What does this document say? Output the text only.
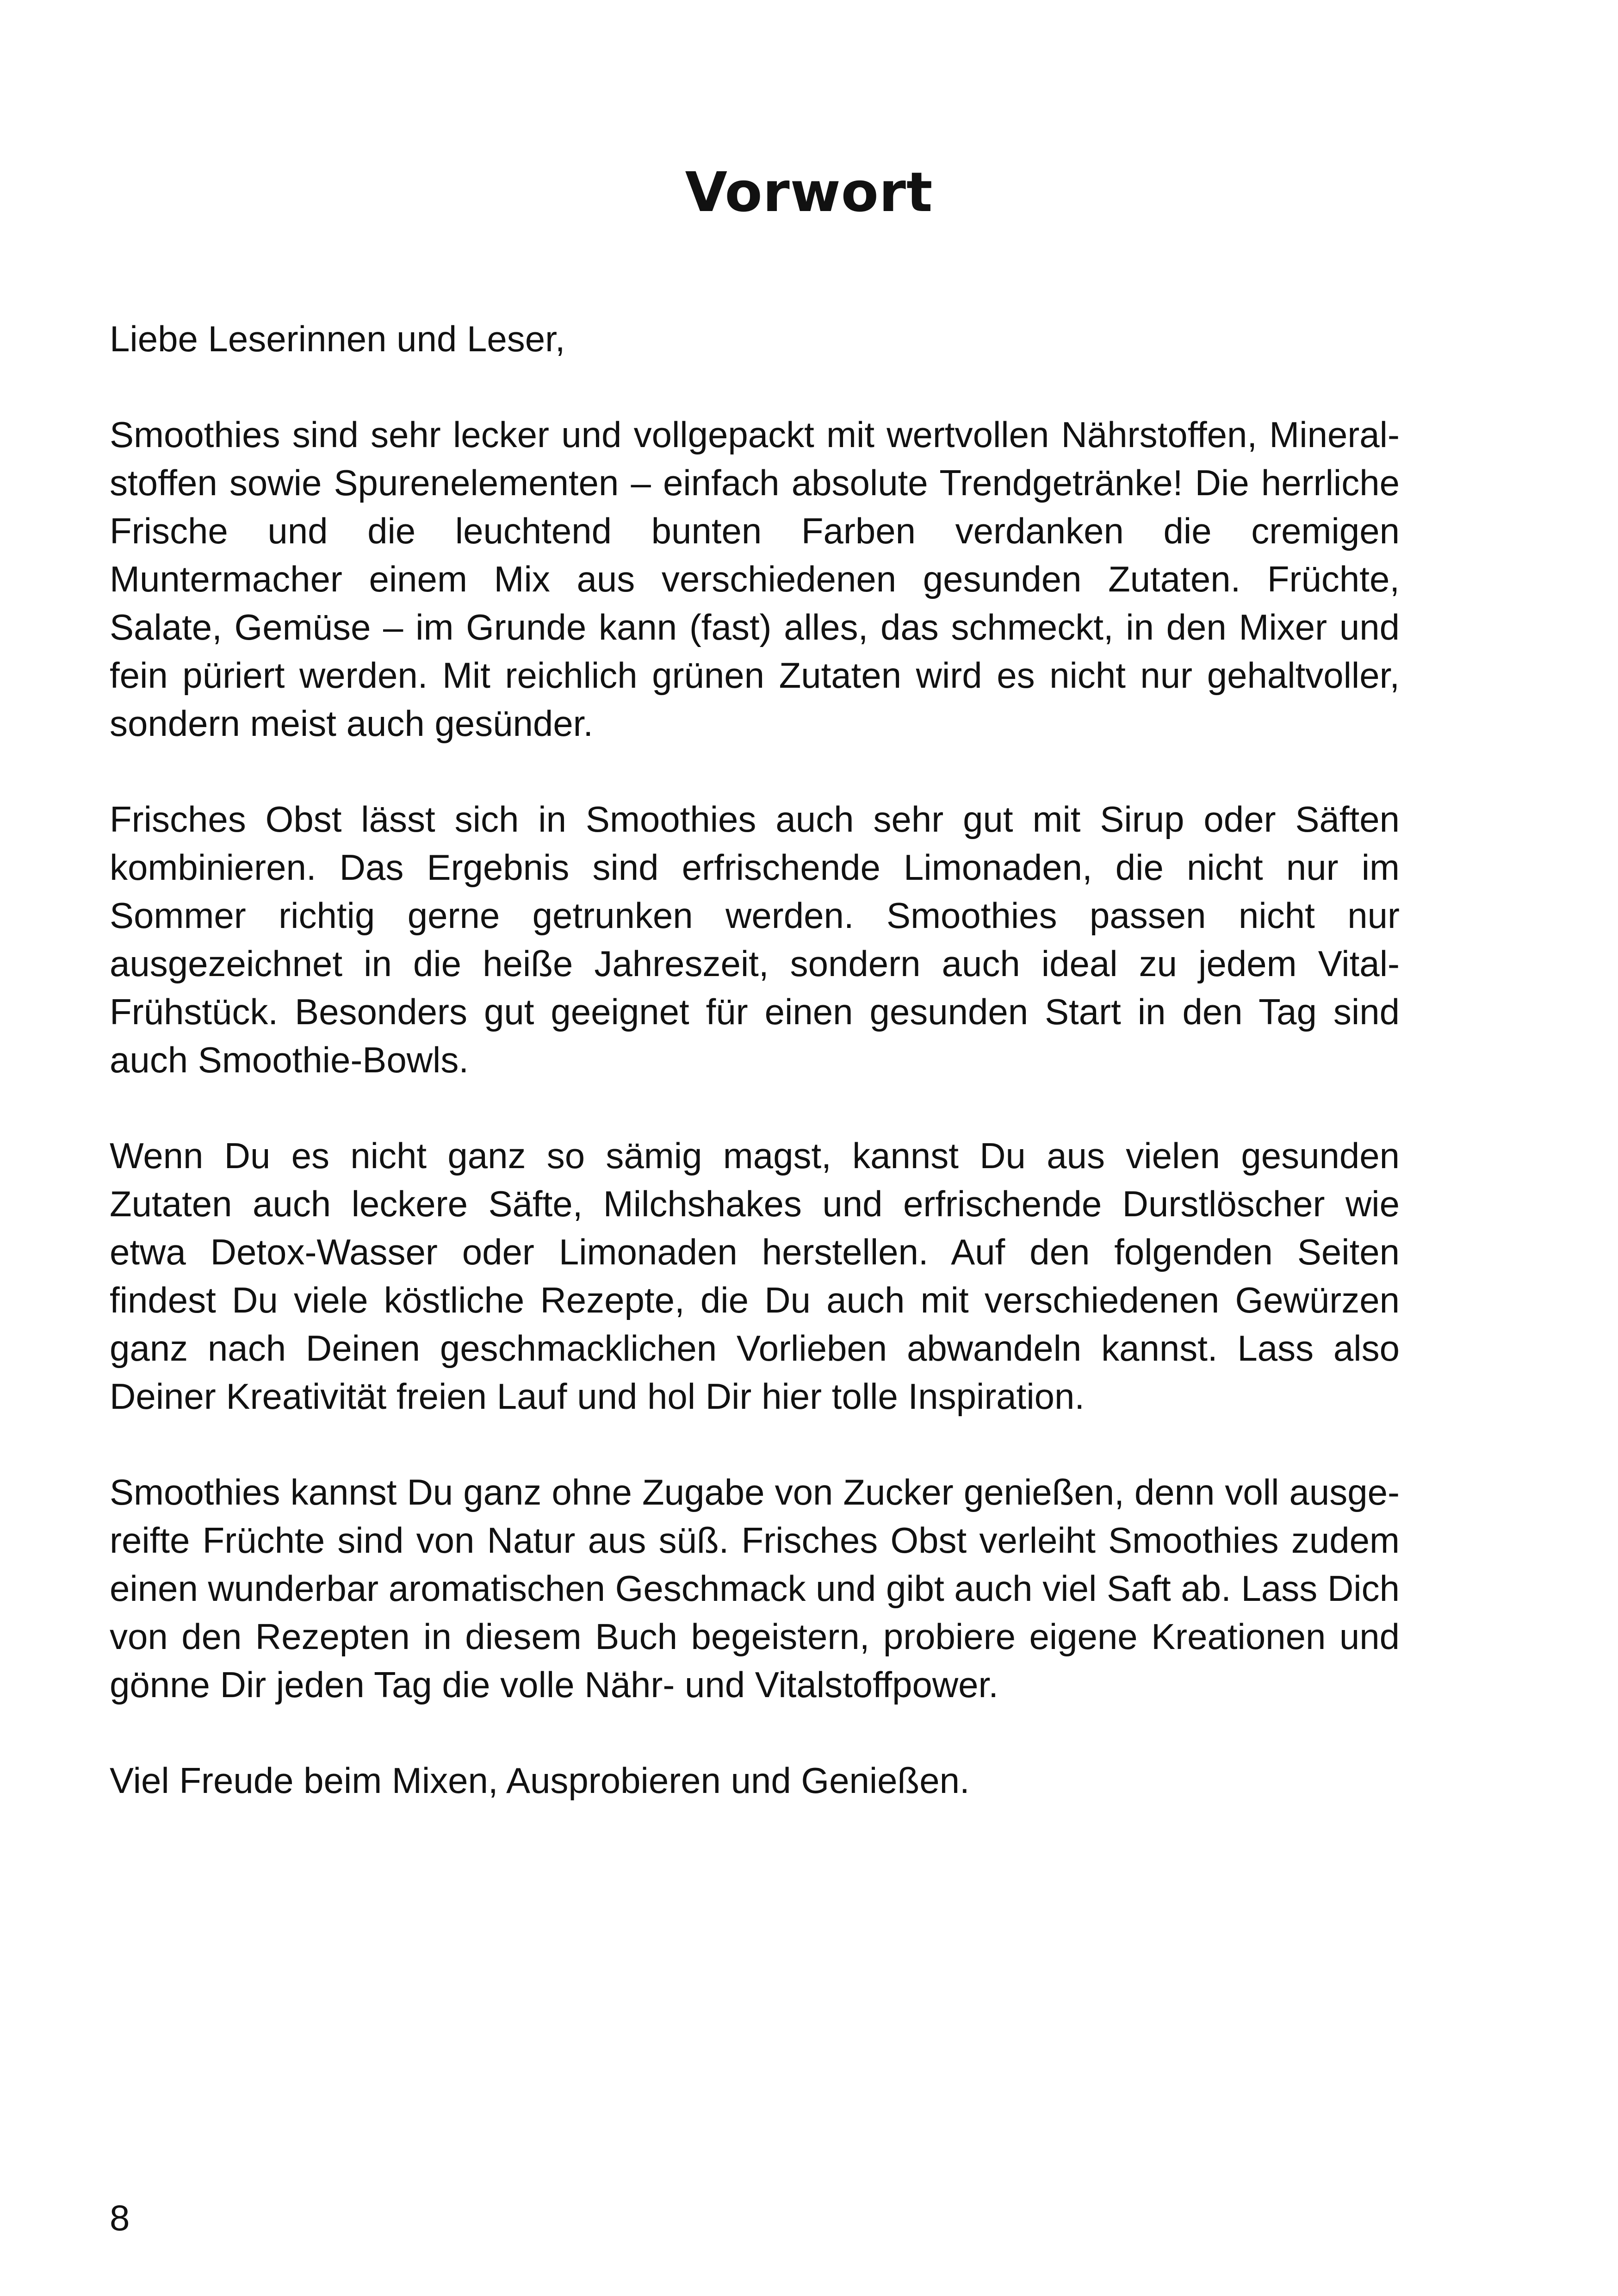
Vorwort

Liebe Leserinnen und Leser,

Smoothies sind sehr lecker und vollgepackt mit wertvollen Nährstoffen, Mineralstoffen sowie Spurenelementen – einfach absolute Trendgetränke! Die herrliche Frische und die leuchtend bunten Farben verdanken die cremigen Muntermacher einem Mix aus verschiedenen gesunden Zutaten. Früchte, Salate, Gemüse – im Grunde kann (fast) alles, das schmeckt, in den Mixer und fein püriert werden. Mit reichlich grünen Zutaten wird es nicht nur gehaltvoller, sondern meist auch gesünder.

Frisches Obst lässt sich in Smoothies auch sehr gut mit Sirup oder Säften kombinieren. Das Ergebnis sind erfrischende Limonaden, die nicht nur im Sommer richtig gerne getrunken werden. Smoothies passen nicht nur ausgezeichnet in die heiße Jahreszeit, sondern auch ideal zu jedem Vital-Frühstück. Besonders gut geeignet für einen gesunden Start in den Tag sind auch Smoothie-Bowls.

Wenn Du es nicht ganz so sämig magst, kannst Du aus vielen gesunden Zutaten auch leckere Säfte, Milchshakes und erfrischende Durstlöscher wie etwa Detox-Wasser oder Limonaden herstellen. Auf den folgenden Seiten findest Du viele köstliche Rezepte, die Du auch mit verschiedenen Gewürzen ganz nach Deinen geschmacklichen Vorlieben abwandeln kannst. Lass also Deiner Kreativität freien Lauf und hol Dir hier tolle Inspiration.

Smoothies kannst Du ganz ohne Zugabe von Zucker genießen, denn voll ausgereifte Früchte sind von Natur aus süß. Frisches Obst verleiht Smoothies zudem einen wunderbar aromatischen Geschmack und gibt auch viel Saft ab. Lass Dich von den Rezepten in diesem Buch begeistern, probiere eigene Kreationen und gönne Dir jeden Tag die volle Nähr- und Vitalstoffpower.

Viel Freude beim Mixen, Ausprobieren und Genießen.

8
